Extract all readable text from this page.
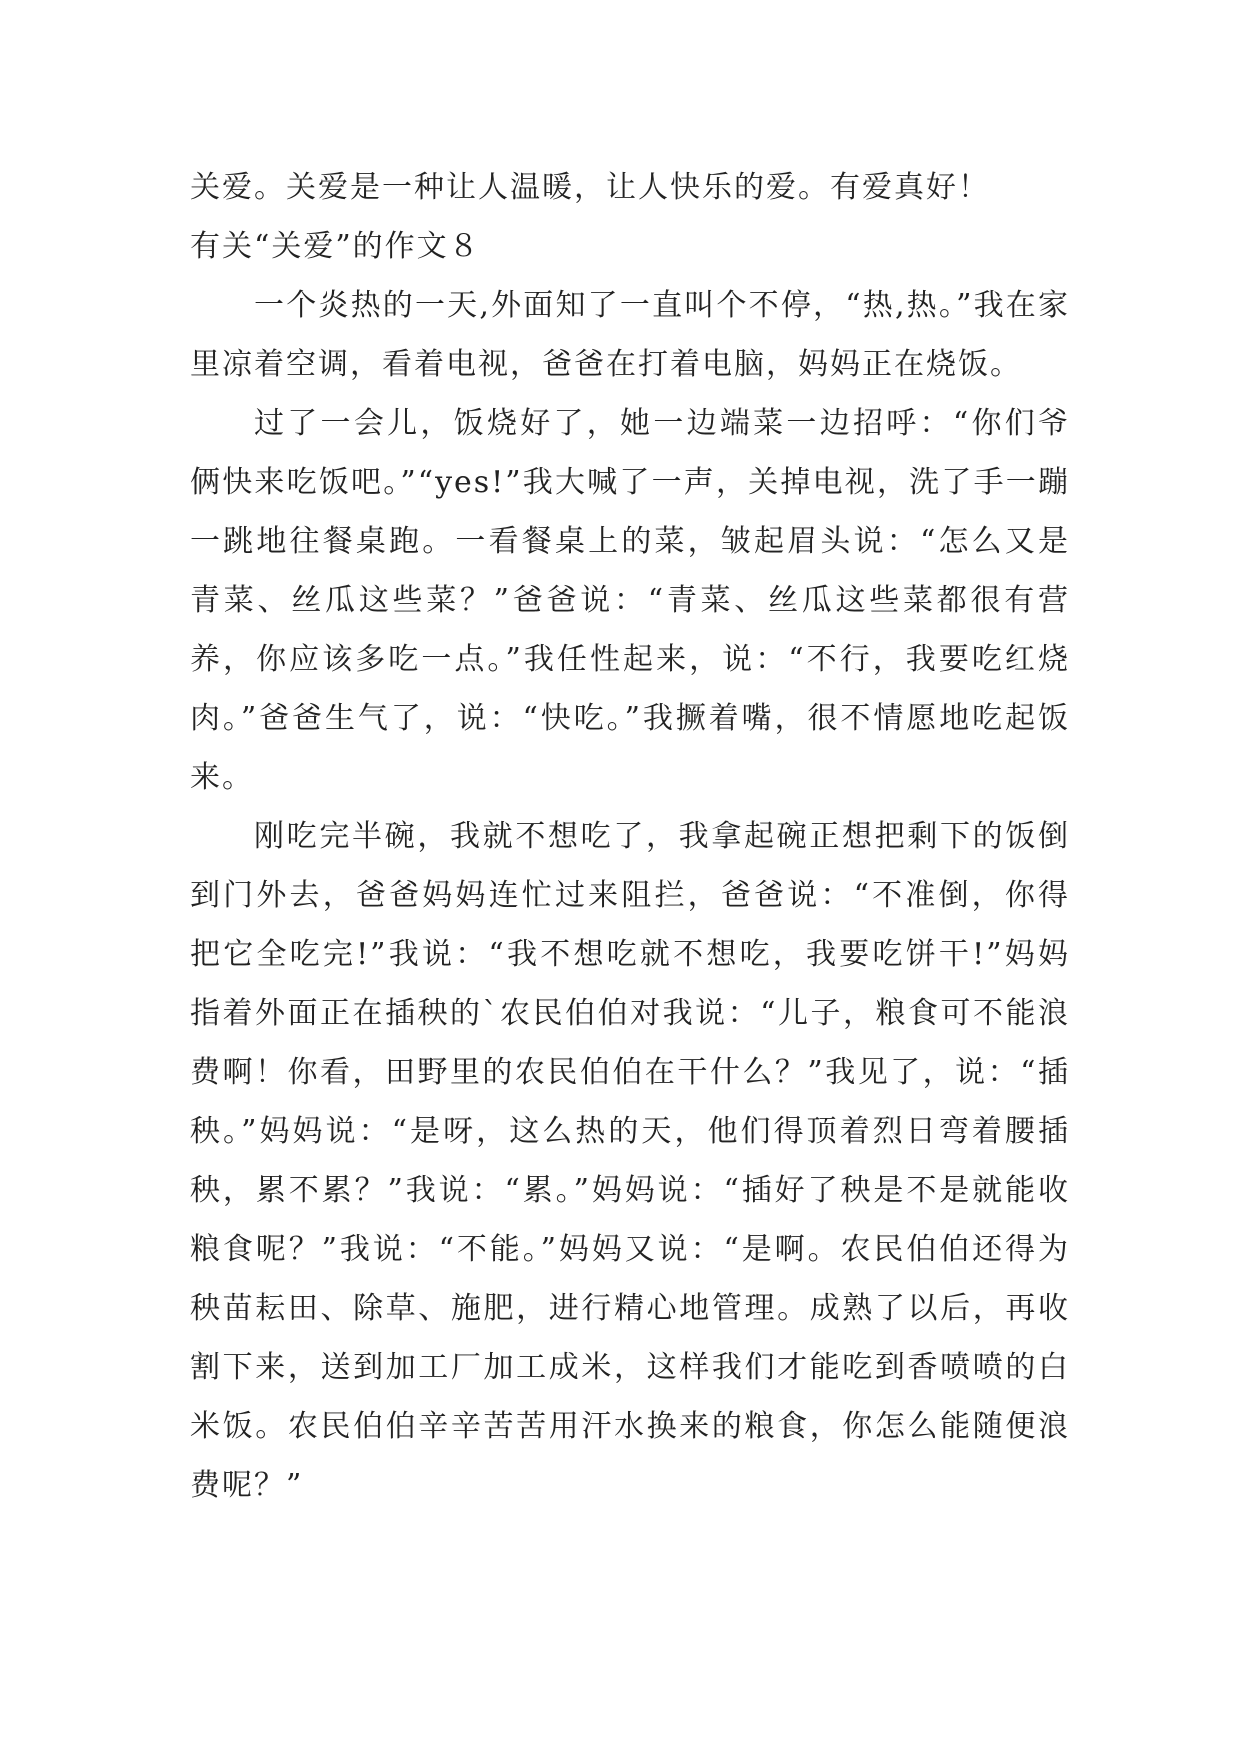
关爱。关爱是一种让人温暖，让人快乐的爱。有爱真好！

有关“关爱”的作文８

一个炎热的一天,外面知了一直叫个不停，“热,热。”我在家里凉着空调，看着电视，爸爸在打着电脑，妈妈正在烧饭。

过了一会儿，饭烧好了，她一边端菜一边招呼：“你们爷俩快来吃饭吧。”“yes!”我大喊了一声，关掉电视，洗了手一蹦一跳地往餐桌跑。一看餐桌上的菜，皱起眉头说：“怎么又是青菜、丝瓜这些菜？”爸爸说：“青菜、丝瓜这些菜都很有营养，你应该多吃一点。”我任性起来，说：“不行，我要吃红烧肉。”爸爸生气了，说：“快吃。”我撅着嘴，很不情愿地吃起饭来。

刚吃完半碗，我就不想吃了，我拿起碗正想把剩下的饭倒到门外去，爸爸妈妈连忙过来阻拦，爸爸说：“不准倒，你得把它全吃完!”我说：“我不想吃就不想吃，我要吃饼干!”妈妈指着外面正在插秧的`农民伯伯对我说：“儿子，粮食可不能浪费啊！你看，田野里的农民伯伯在干什么？”我见了，说：“插秧。”妈妈说：“是呀，这么热的天，他们得顶着烈日弯着腰插秧，累不累？”我说：“累。”妈妈说：“插好了秧是不是就能收粮食呢？”我说：“不能。”妈妈又说：“是啊。农民伯伯还得为秧苗耘田、除草、施肥，进行精心地管理。成熟了以后，再收割下来，送到加工厂加工成米，这样我们才能吃到香喷喷的白米饭。农民伯伯辛辛苦苦用汗水换来的粮食，你怎么能随便浪费呢？”
